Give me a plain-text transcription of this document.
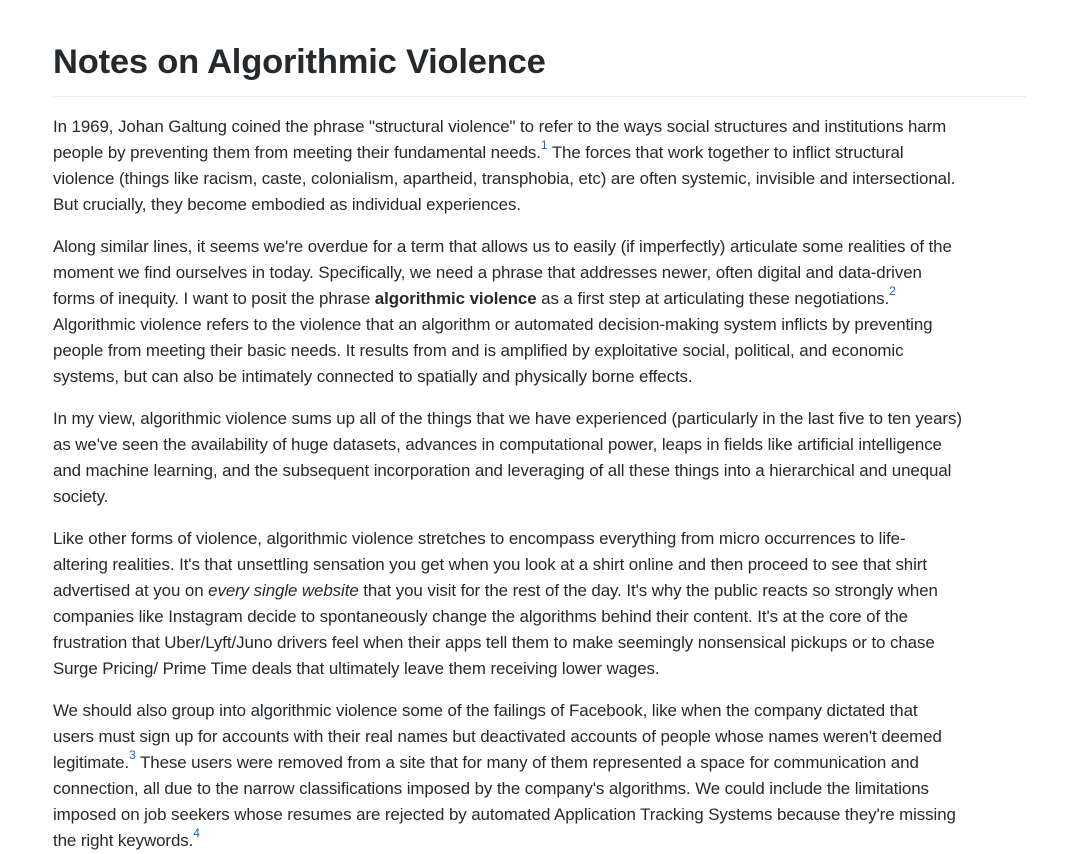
Notes on Algorithmic Violence
In 1969, Johan Galtung coined the phrase "structural violence" to refer to the ways social structures and institutions harm
people by preventing them from meeting their fundamental needs.$^1$ The forces that work together to inflict structural
violence (things like racism, caste, colonialism, apartheid, transphobia, etc) are often systemic, invisible and intersectional.
But crucially, they become embodied as individual experiences.
Along similar lines, it seems we're overdue for a term that allows us to easily (if imperfectly) articulate some realities of the
moment we find ourselves in today. Specifically, we need a phrase that addresses newer, often digital and data-driven
forms of inequity. I want to posit the phrase algorithmic violence as a first step at articulating these negotiations.$^2$
Algorithmic violence refers to the violence that an algorithm or automated decision-making system inflicts by preventing
people from meeting their basic needs. It results from and is amplified by exploitative social, political, and economic
systems, but can also be intimately connected to spatially and physically borne effects.
In my view, algorithmic violence sums up all of the things that we have experienced (particularly in the last five to ten years)
as we've seen the availability of huge datasets, advances in computational power, leaps in fields like artificial intelligence
and machine learning, and the subsequent incorporation and leveraging of all these things into a hierarchical and unequal
society.
Like other forms of violence, algorithmic violence stretches to encompass everything from micro occurrences to life-
altering realities. It's that unsettling sensation you get when you look at a shirt online and then proceed to see that shirt
advertised at you on every single website that you visit for the rest of the day. It's why the public reacts so strongly when
companies like Instagram decide to spontaneously change the algorithms behind their content. It's at the core of the
frustration that Uber/Lyft/Juno drivers feel when their apps tell them to make seemingly nonsensical pickups or to chase
Surge Pricing/ Prime Time deals that ultimately leave them receiving lower wages.
We should also group into algorithmic violence some of the failings of Facebook, like when the company dictated that
users must sign up for accounts with their real names but deactivated accounts of people whose names weren't deemed
legitimate.$^3$ These users were removed from a site that for many of them represented a space for communication and
connection, all due to the narrow classifications imposed by the company's algorithms. We could include the limitations
imposed on job seekers whose resumes are rejected by automated Application Tracking Systems because they're missing
the right keywords.$^4$
